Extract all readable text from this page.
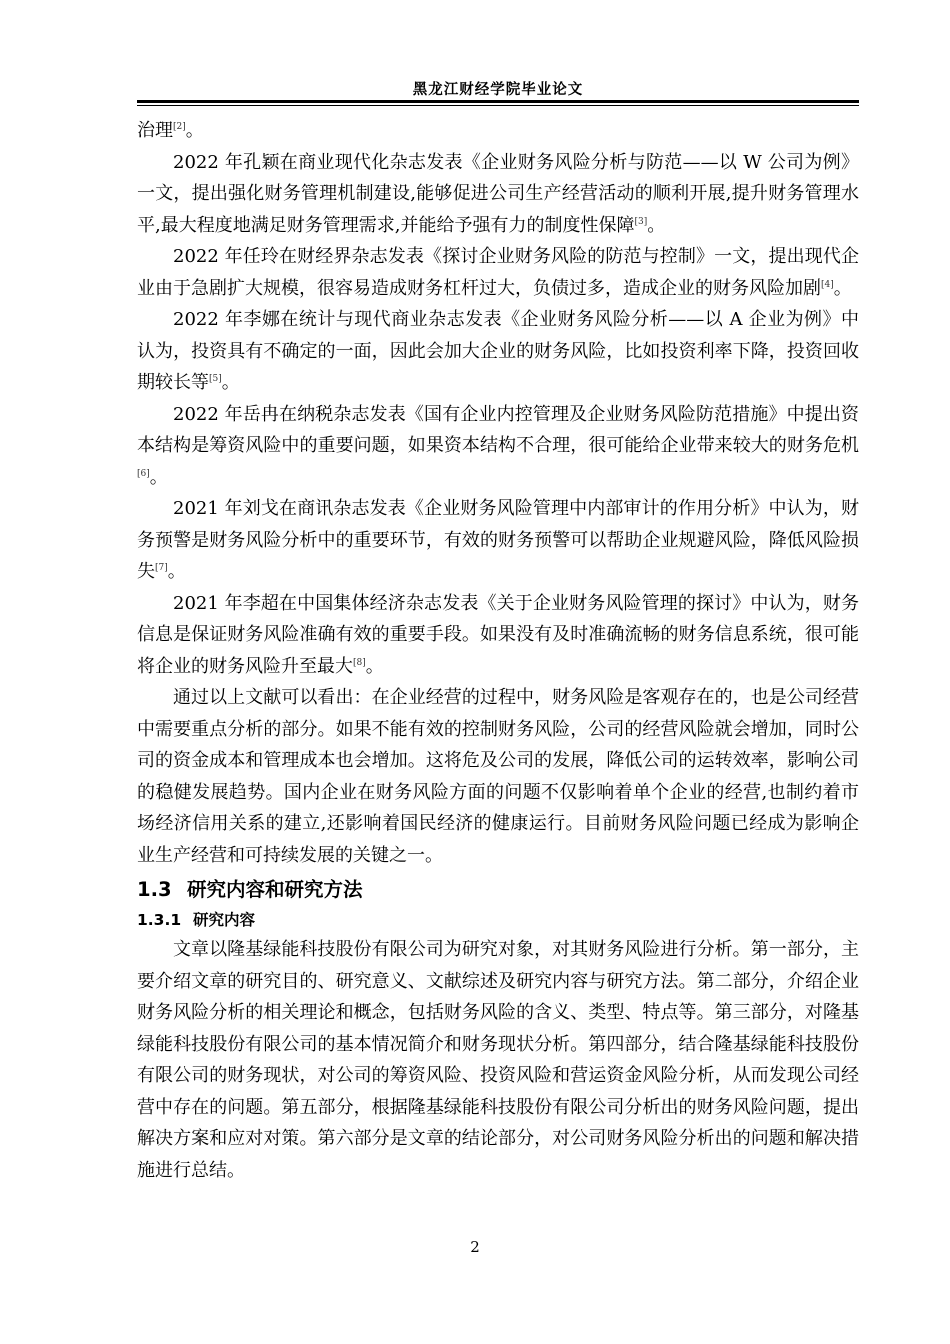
黑龙江财经学院毕业论文

治理[2]。

2022 年孔颖在商业现代化杂志发表《企业财务风险分析与防范——以 W 公司为例》一文，提出强化财务管理机制建设,能够促进公司生产经营活动的顺利开展,提升财务管理水平,最大程度地满足财务管理需求,并能给予强有力的制度性保障[3]。

2022 年任玲在财经界杂志发表《探讨企业财务风险的防范与控制》一文，提出现代企业由于急剧扩大规模，很容易造成财务杠杆过大，负债过多，造成企业的财务风险加剧[4]。

2022 年李娜在统计与现代商业杂志发表《企业财务风险分析——以 A 企业为例》中认为，投资具有不确定的一面，因此会加大企业的财务风险，比如投资利率下降，投资回收期较长等[5]。

2022 年岳冉在纳税杂志发表《国有企业内控管理及企业财务风险防范措施》中提出资本结构是筹资风险中的重要问题，如果资本结构不合理，很可能给企业带来较大的财务危机[6]。

2021 年刘戈在商讯杂志发表《企业财务风险管理中内部审计的作用分析》中认为，财务预警是财务风险分析中的重要环节，有效的财务预警可以帮助企业规避风险，降低风险损失[7]。

2021 年李超在中国集体经济杂志发表《关于企业财务风险管理的探讨》中认为，财务信息是保证财务风险准确有效的重要手段。如果没有及时准确流畅的财务信息系统，很可能将企业的财务风险升至最大[8]。

通过以上文献可以看出：在企业经营的过程中，财务风险是客观存在的，也是公司经营中需要重点分析的部分。如果不能有效的控制财务风险，公司的经营风险就会增加，同时公司的资金成本和管理成本也会增加。这将危及公司的发展，降低公司的运转效率，影响公司的稳健发展趋势。国内企业在财务风险方面的问题不仅影响着单个企业的经营,也制约着市场经济信用关系的建立,还影响着国民经济的健康运行。目前财务风险问题已经成为影响企业生产经营和可持续发展的关键之一。

1.3 研究内容和研究方法
1.3.1 研究内容

文章以隆基绿能科技股份有限公司为研究对象，对其财务风险进行分析。第一部分，主要介绍文章的研究目的、研究意义、文献综述及研究内容与研究方法。第二部分，介绍企业财务风险分析的相关理论和概念，包括财务风险的含义、类型、特点等。第三部分，对隆基绿能科技股份有限公司的基本情况简介和财务现状分析。第四部分，结合隆基绿能科技股份有限公司的财务现状，对公司的筹资风险、投资风险和营运资金风险分析，从而发现公司经营中存在的问题。第五部分，根据隆基绿能科技股份有限公司分析出的财务风险问题，提出解决方案和应对对策。第六部分是文章的结论部分，对公司财务风险分析出的问题和解决措施进行总结。

2
